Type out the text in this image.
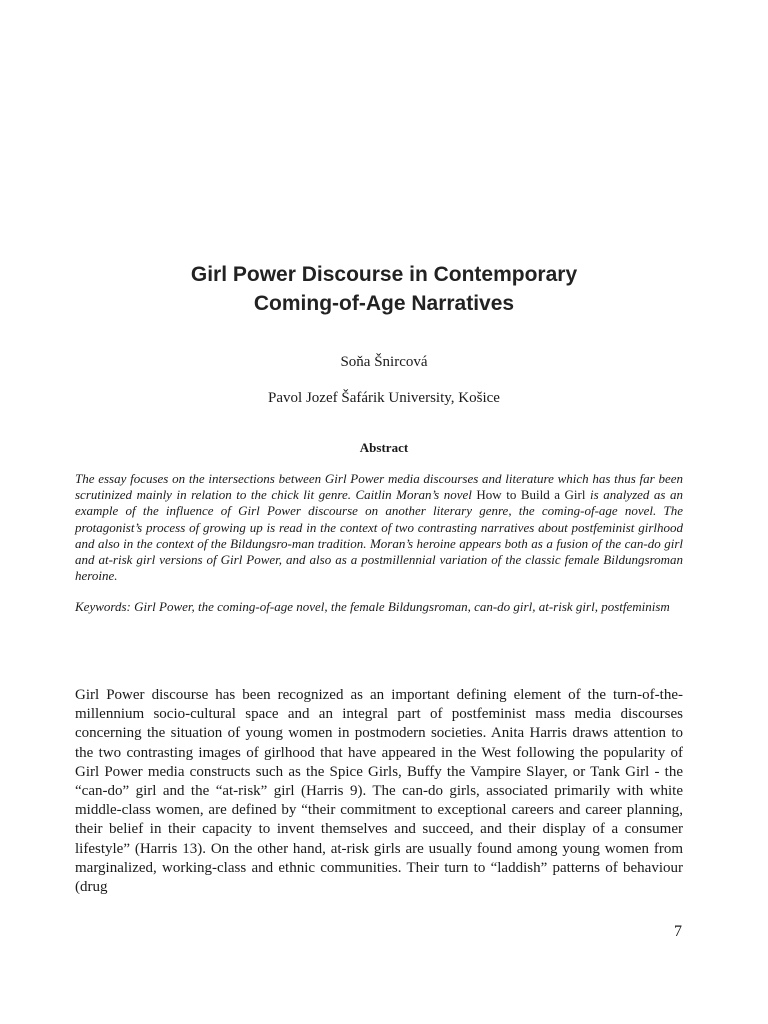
Girl Power Discourse in Contemporary
Coming-of-Age Narratives
Soňa Šnircová
Pavol Jozef Šafárik University, Košice
Abstract
The essay focuses on the intersections between Girl Power media discourses and literature which has thus far been scrutinized mainly in relation to the chick lit genre. Caitlin Moran’s novel How to Build a Girl is analyzed as an example of the influence of Girl Power discourse on another literary genre, the coming-of-age novel. The protagonist’s process of growing up is read in the context of two contrasting narratives about postfeminist girlhood and also in the context of the Bildungsro-man tradition. Moran’s heroine appears both as a fusion of the can-do girl and at-risk girl versions of Girl Power, and also as a postmillennial variation of the classic female Bildungsroman heroine.
Keywords: Girl Power, the coming-of-age novel, the female Bildungsroman, can-do girl, at-risk girl, postfeminism
Girl Power discourse has been recognized as an important defining element of the turn-of-the-millennium socio-cultural space and an integral part of postfeminist mass media discourses concerning the situation of young women in postmodern societies. Anita Harris draws attention to the two contrasting images of girlhood that have appeared in the West following the popularity of Girl Power media constructs such as the Spice Girls, Buffy the Vampire Slayer, or Tank Girl - the “can-do” girl and the “at-risk” girl (Harris 9). The can-do girls, associated primarily with white middle-class women, are defined by “their commitment to exceptional careers and career planning, their belief in their capacity to invent themselves and succeed, and their display of a consumer lifestyle” (Harris 13). On the other hand, at-risk girls are usually found among young women from marginalized, working-class and ethnic communities. Their turn to “laddish” patterns of behaviour (drug
7
